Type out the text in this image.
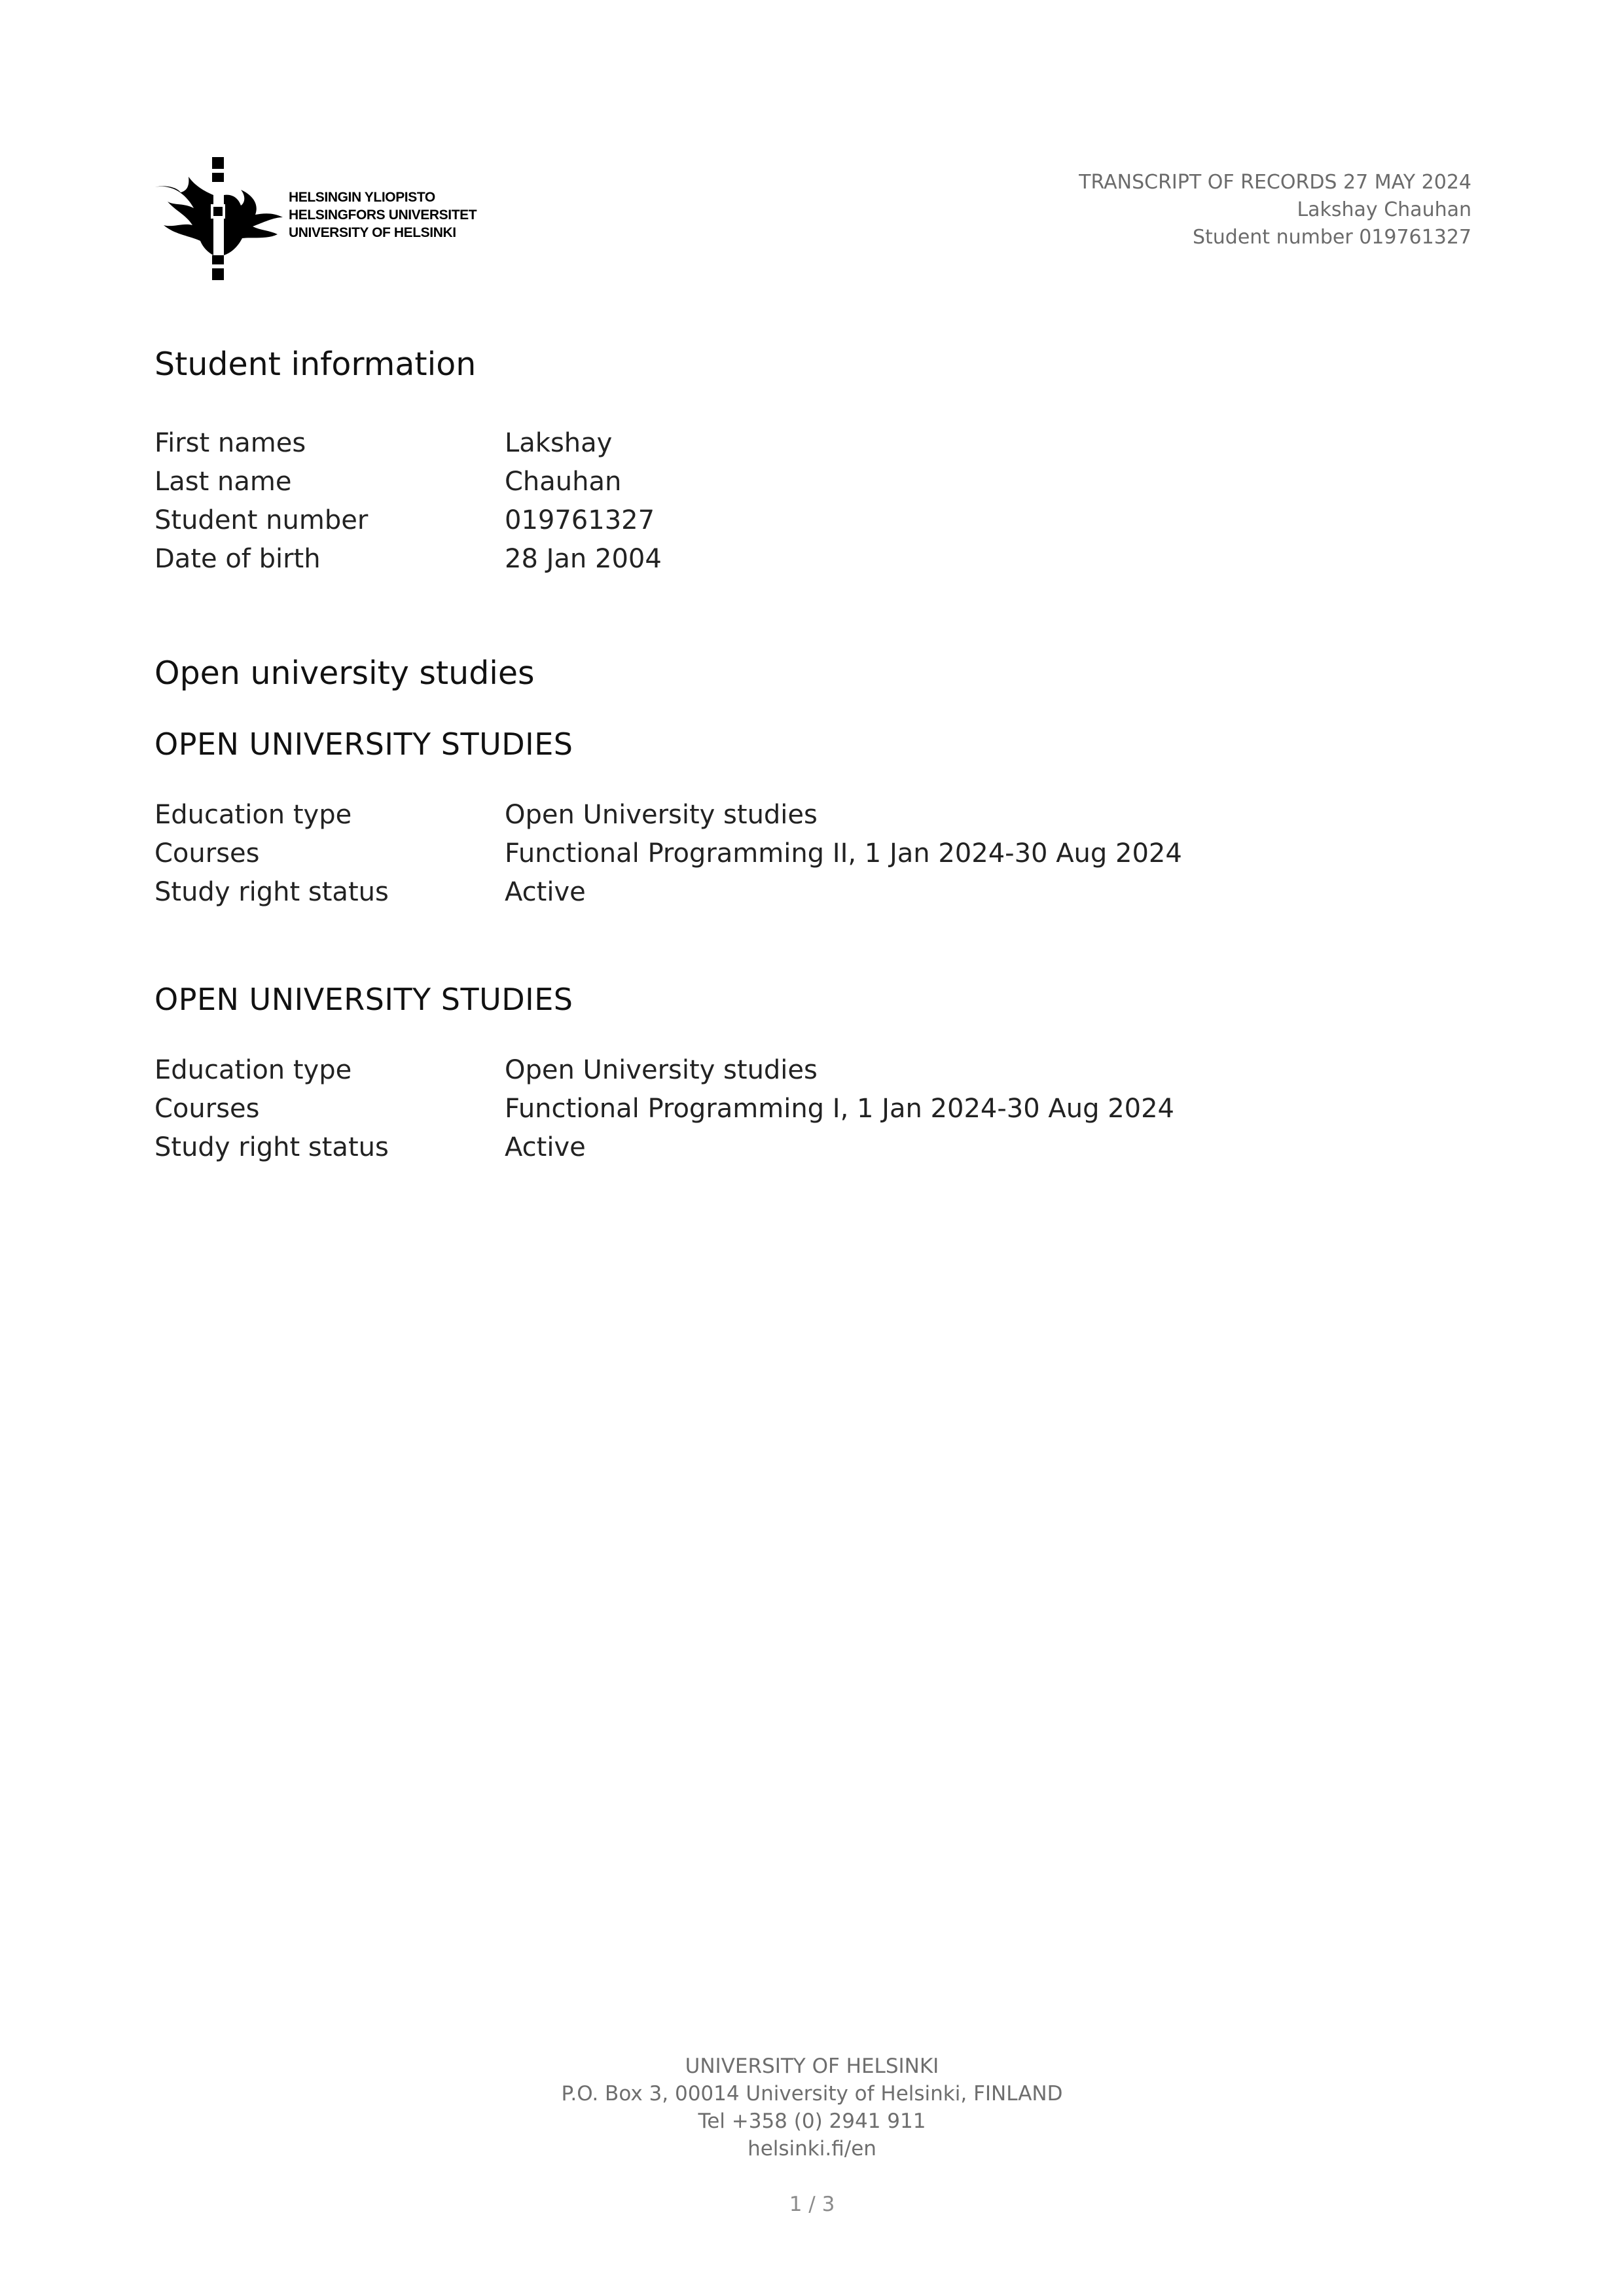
HELSINGIN YLIOPISTO
HELSINGFORS UNIVERSITET
UNIVERSITY OF HELSINKI
TRANSCRIPT OF RECORDS 27 MAY 2024
Lakshay Chauhan
Student number 019761327
Student information
First names	Lakshay
Last name	Chauhan
Student number	019761327
Date of birth	28 Jan 2004
Open university studies
OPEN UNIVERSITY STUDIES
Education type	Open University studies
Courses	Functional Programming II, 1 Jan 2024-30 Aug 2024
Study right status	Active
OPEN UNIVERSITY STUDIES
Education type	Open University studies
Courses	Functional Programming I, 1 Jan 2024-30 Aug 2024
Study right status	Active
UNIVERSITY OF HELSINKI
P.O. Box 3, 00014 University of Helsinki, FINLAND
Tel +358 (0) 2941 911
helsinki.fi/en
1 / 3
